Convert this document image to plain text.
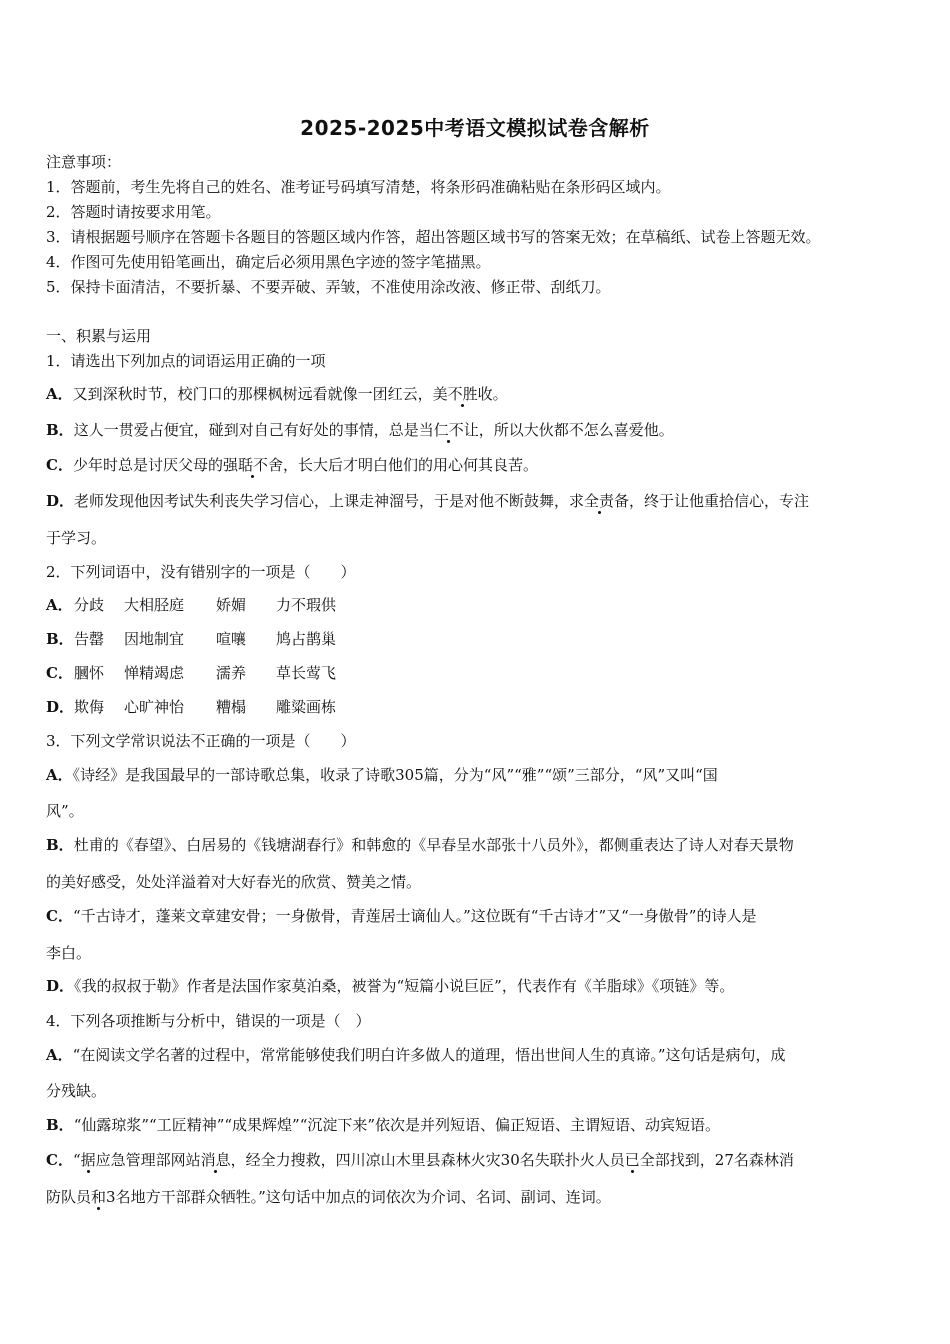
2025-2025中考语文模拟试卷含解析
注意事项：
1．答题前，考生先将自己的姓名、准考证号码填写清楚，将条形码准确粘贴在条形码区域内。
2．答题时请按要求用笔。
3．请根据题号顺序在答题卡各题目的答题区域内作答，超出答题区域书写的答案无效；在草稿纸、试卷上答题无效。
4．作图可先使用铅笔画出，确定后必须用黑色字迹的签字笔描黑。
5．保持卡面清洁，不要折暴、不要弄破、弄皱，不准使用涂改液、修正带、刮纸刀。
一、积累与运用
1．请选出下列加点的词语运用正确的一项
A．又到深秋时节，校门口的那棵枫树远看就像一团红云，美不胜收。
B．这人一贯爱占便宜，碰到对自己有好处的事情，总是当仁不让，所以大伙都不怎么喜爱他。
C．少年时总是讨厌父母的强聒不舍，长大后才明白他们的用心何其良苦。
D．老师发现他因考试失利丧失学习信心，上课走神溜号，于是对他不断鼓舞，求全责备，终于让他重拾信心，专注
于学习。
2．下列词语中，没有错别字的一项是（　　）
A．分歧 大相胫庭 娇媚 力不瑕供
B．告罄 因地制宜 喧嚷 鸠占鹊巢
C．膕怀 惮精竭虑 濡养 草长莺飞
D．欺侮 心旷神怡 糟榻 雕粱画栋
3．下列文学常识说法不正确的一项是（　　）
A．《诗经》是我国最早的一部诗歌总集，收录了诗歌305篇，分为“风”“雅”“颂”三部分，“风”又叫“国
风”。
B．杜甫的《春望》、白居易的《钱塘湖春行》和韩愈的《早春呈水部张十八员外》，都侧重表达了诗人对春天景物
的美好感受，处处洋溢着对大好春光的欣赏、赞美之情。
C．“千古诗才，蓬莱文章建安骨；一身傲骨，青莲居士谪仙人。”这位既有“千古诗才”又“一身傲骨”的诗人是
李白。
D．《我的叔叔于勒》作者是法国作家莫泊桑，被誉为“短篇小说巨匠”，代表作有《羊脂球》《项链》等。
4．下列各项推断与分析中，错误的一项是（　）
A．“在阅读文学名著的过程中，常常能够使我们明白许多做人的道理，悟出世间人生的真谛。”这句话是病句，成
分残缺。
B．“仙露琼浆”“工匠精神”“成果辉煌”“沉淀下来”依次是并列短语、偏正短语、主谓短语、动宾短语。
C．“据应急管理部网站消息，经全力搜救，四川凉山木里县森林火灾30名失联扑火人员已全部找到，27名森林消
防队员和3名地方干部群众牺牲。”这句话中加点的词依次为介词、名词、副词、连词。
